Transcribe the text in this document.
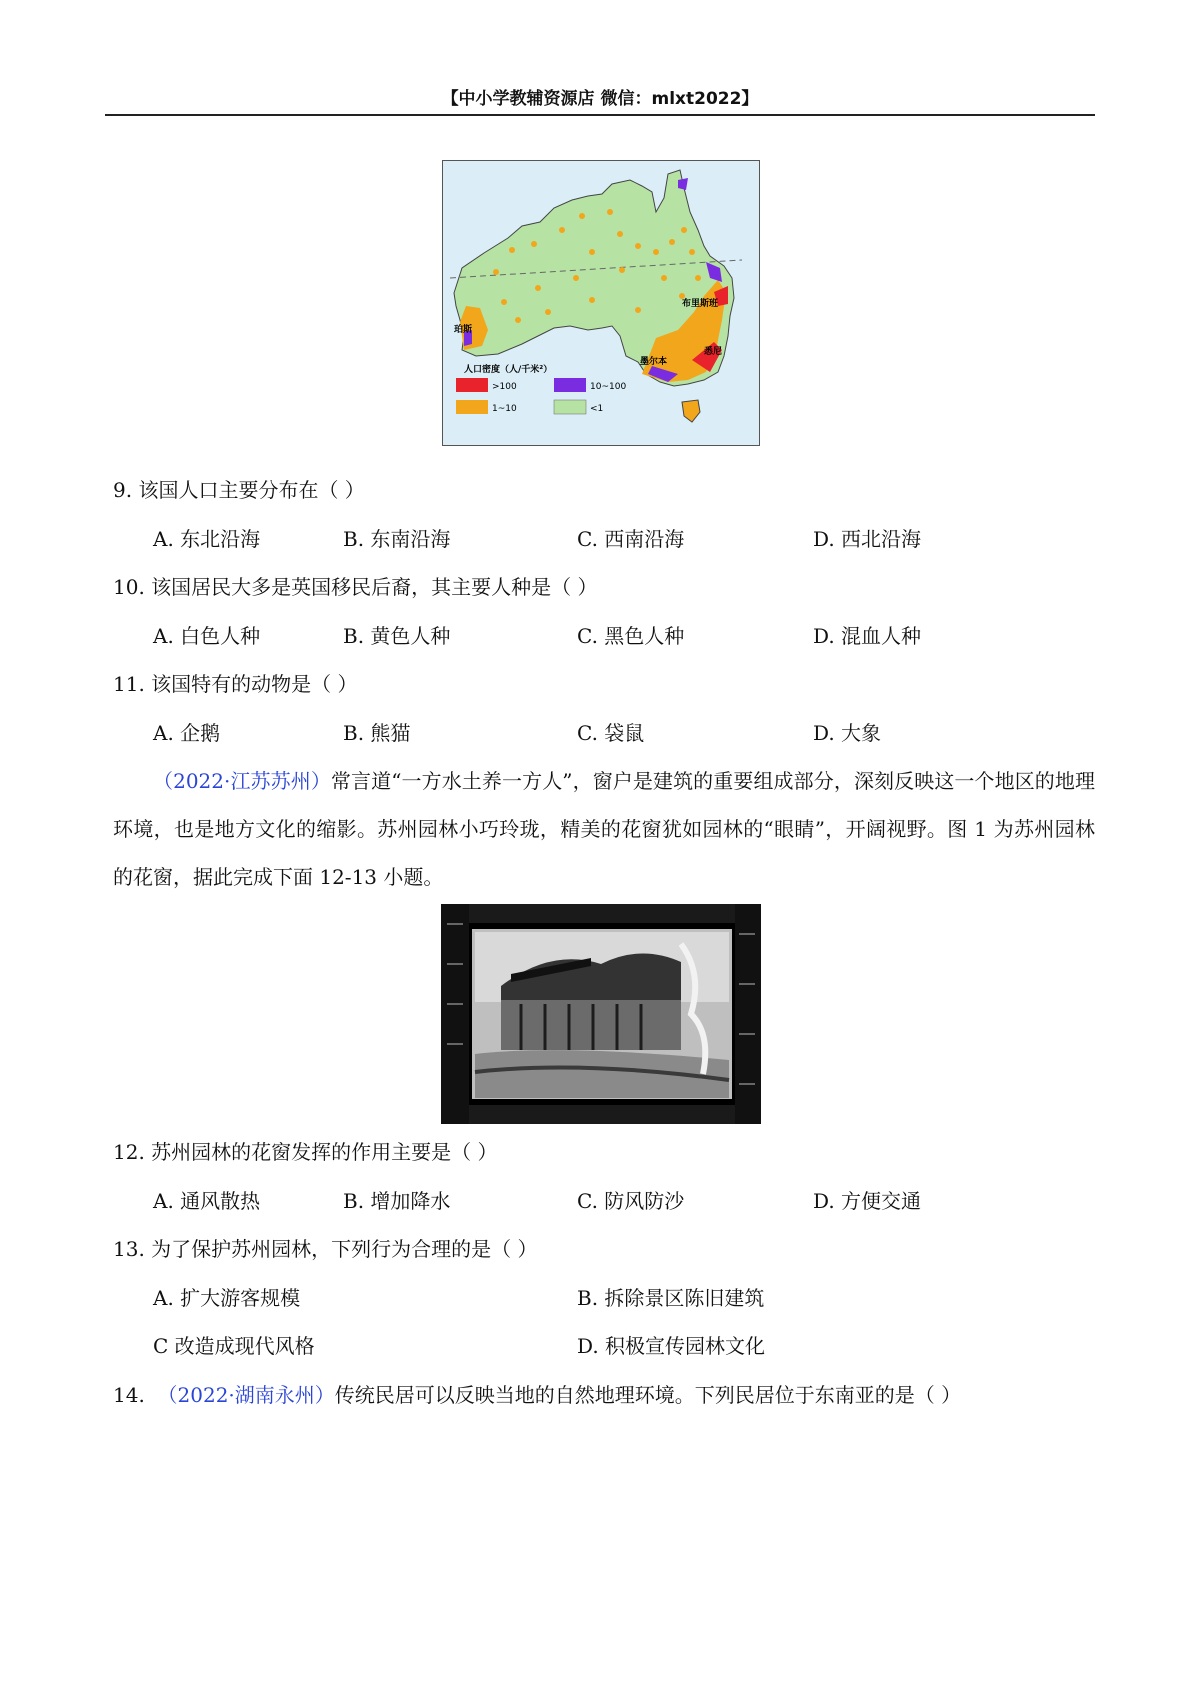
【中小学教辅资源店 微信：mlxt2022】
布里斯班
珀斯
墨尔本
悉尼
人口密度（人/千米²）
>100	10~100
1~10	<1
9. 该国人口主要分布在（ ）
A. 东北沿海	B. 东南沿海	C. 西南沿海	D. 西北沿海
10. 该国居民大多是英国移民后裔，其主要人种是（ ）
A. 白色人种	B. 黄色人种	C. 黑色人种	D. 混血人种
11. 该国特有的动物是（ ）
A. 企鹅	B. 熊猫	C. 袋鼠	D. 大象
（2022·江苏苏州）常言道“一方水土养一方人”，窗户是建筑的重要组成部分，深刻反映这一个地区的地理环境，也是地方文化的缩影。苏州园林小巧玲珑，精美的花窗犹如园林的“眼睛”，开阔视野。图 1 为苏州园林的花窗，据此完成下面 12-13 小题。
12. 苏州园林的花窗发挥的作用主要是（ ）
A. 通风散热	B. 增加降水	C. 防风防沙	D. 方便交通
13. 为了保护苏州园林，下列行为合理的是（ ）
A. 扩大游客规模	B. 拆除景区陈旧建筑
C 改造成现代风格	D. 积极宣传园林文化
14. （2022·湖南永州）传统民居可以反映当地的自然地理环境。下列民居位于东南亚的是（ ）
